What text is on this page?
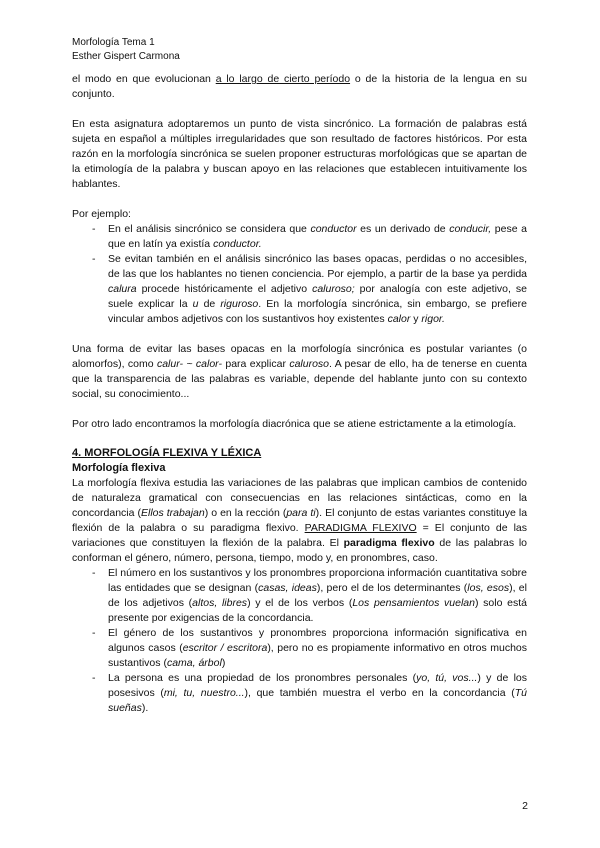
Morfología Tema 1
Esther Gispert Carmona

el modo en que evolucionan a lo largo de cierto período o de la historia de la lengua en su conjunto.

En esta asignatura adoptaremos un punto de vista sincrónico. La formación de palabras está sujeta en español a múltiples irregularidades que son resultado de factores históricos. Por esta razón en la morfología sincrónica se suelen proponer estructuras morfológicas que se apartan de la etimología de la palabra y buscan apoyo en las relaciones que establecen intuitivamente los hablantes.

Por ejemplo:

- En el análisis sincrónico se considera que conductor es un derivado de conducir, pese a que en latín ya existía conductor.
- Se evitan también en el análisis sincrónico las bases opacas, perdidas o no accesibles, de las que los hablantes no tienen conciencia. Por ejemplo, a partir de la base ya perdida calura procede históricamente el adjetivo caluroso; por analogía con este adjetivo, se suele explicar la u de riguroso. En la morfología sincrónica, sin embargo, se prefiere vincular ambos adjetivos con los sustantivos hoy existentes calor y rigor.

Una forma de evitar las bases opacas en la morfología sincrónica es postular variantes (o alomorfos), como calur- ~ calor- para explicar caluroso. A pesar de ello, ha de tenerse en cuenta que la transparencia de las palabras es variable, depende del hablante junto con su contexto social, su conocimiento...

Por otro lado encontramos la morfología diacrónica que se atiene estrictamente a la etimología.

4. MORFOLOGÍA FLEXIVA Y LÉXICA
Morfología flexiva

La morfología flexiva estudia las variaciones de las palabras que implican cambios de contenido de naturaleza gramatical con consecuencias en las relaciones sintácticas, como en la concordancia (Ellos trabajan) o en la rección (para ti). El conjunto de estas variantes constituye la flexión de la palabra o su paradigma flexivo. PARADIGMA FLEXIVO = El conjunto de las variaciones que constituyen la flexión de la palabra. El paradigma flexivo de las palabras lo conforman el género, número, persona, tiempo, modo y, en pronombres, caso.

- El número en los sustantivos y los pronombres proporciona información cuantitativa sobre las entidades que se designan (casas, ideas), pero el de los determinantes (los, esos), el de los adjetivos (altos, libres) y el de los verbos (Los pensamientos vuelan) solo está presente por exigencias de la concordancia.
- El género de los sustantivos y pronombres proporciona información significativa en algunos casos (escritor / escritora), pero no es propiamente informativo en otros muchos sustantivos (cama, árbol)
- La persona es una propiedad de los pronombres personales (yo, tú, vos...) y de los posesivos (mi, tu, nuestro...), que también muestra el verbo en la concordancia (Tú sueñas).
2
